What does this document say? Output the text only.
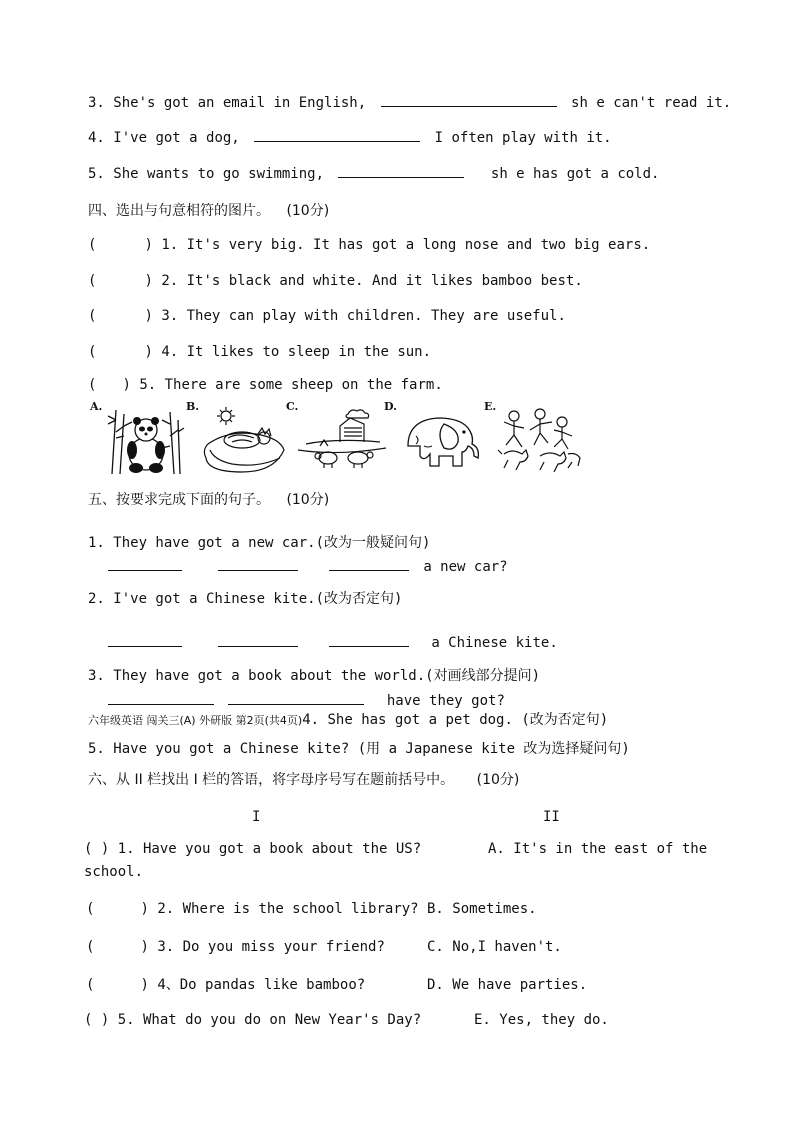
3. She's got an email in English,	sh e can't read it.
4. I've got a dog,	I often play with it.
5. She wants to go swimming,	sh e has got a cold.
四、选出与句意相符的图片。 (10分)
(	) 1. It's very big. It has got a long nose and two big ears.
(	) 2. It's black and white. And it likes bamboo best.
(	) 3. They can play with children. They are useful.
(	) 4. It likes to sleep in the sun.
( ) 5. There are some sheep on the farm.
A.	B.	C.	D.	E.
五、按要求完成下面的句子。 (10分)
1. They have got a new car.(改为一般疑问句)
a new car?
2. I've got a Chinese kite.(改为否定句)
a Chinese kite.
3. They have got a book about the world.(对画线部分提问)
have they got?
六年级英语 闯关三(A) 外研版 第2页(共4页)4. She has got a pet dog. (改为否定句)
5. Have you got a Chinese kite? (用 a Japanese kite 改为选择疑问句)
六、从 II 栏找出 I 栏的答语，将字母序号写在题前括号中。 (10分)
I	II
( ) 1. Have you got a book about the US?	A. It's in the east of the
school.
(	) 2. Where is the school library? B. Sometimes.
(	) 3. Do you miss your friend?	C. No,I haven't.
(	) 4、Do pandas like bamboo?	D. We have parties.
( ) 5. What do you do on New Year's Day?	E. Yes, they do.
